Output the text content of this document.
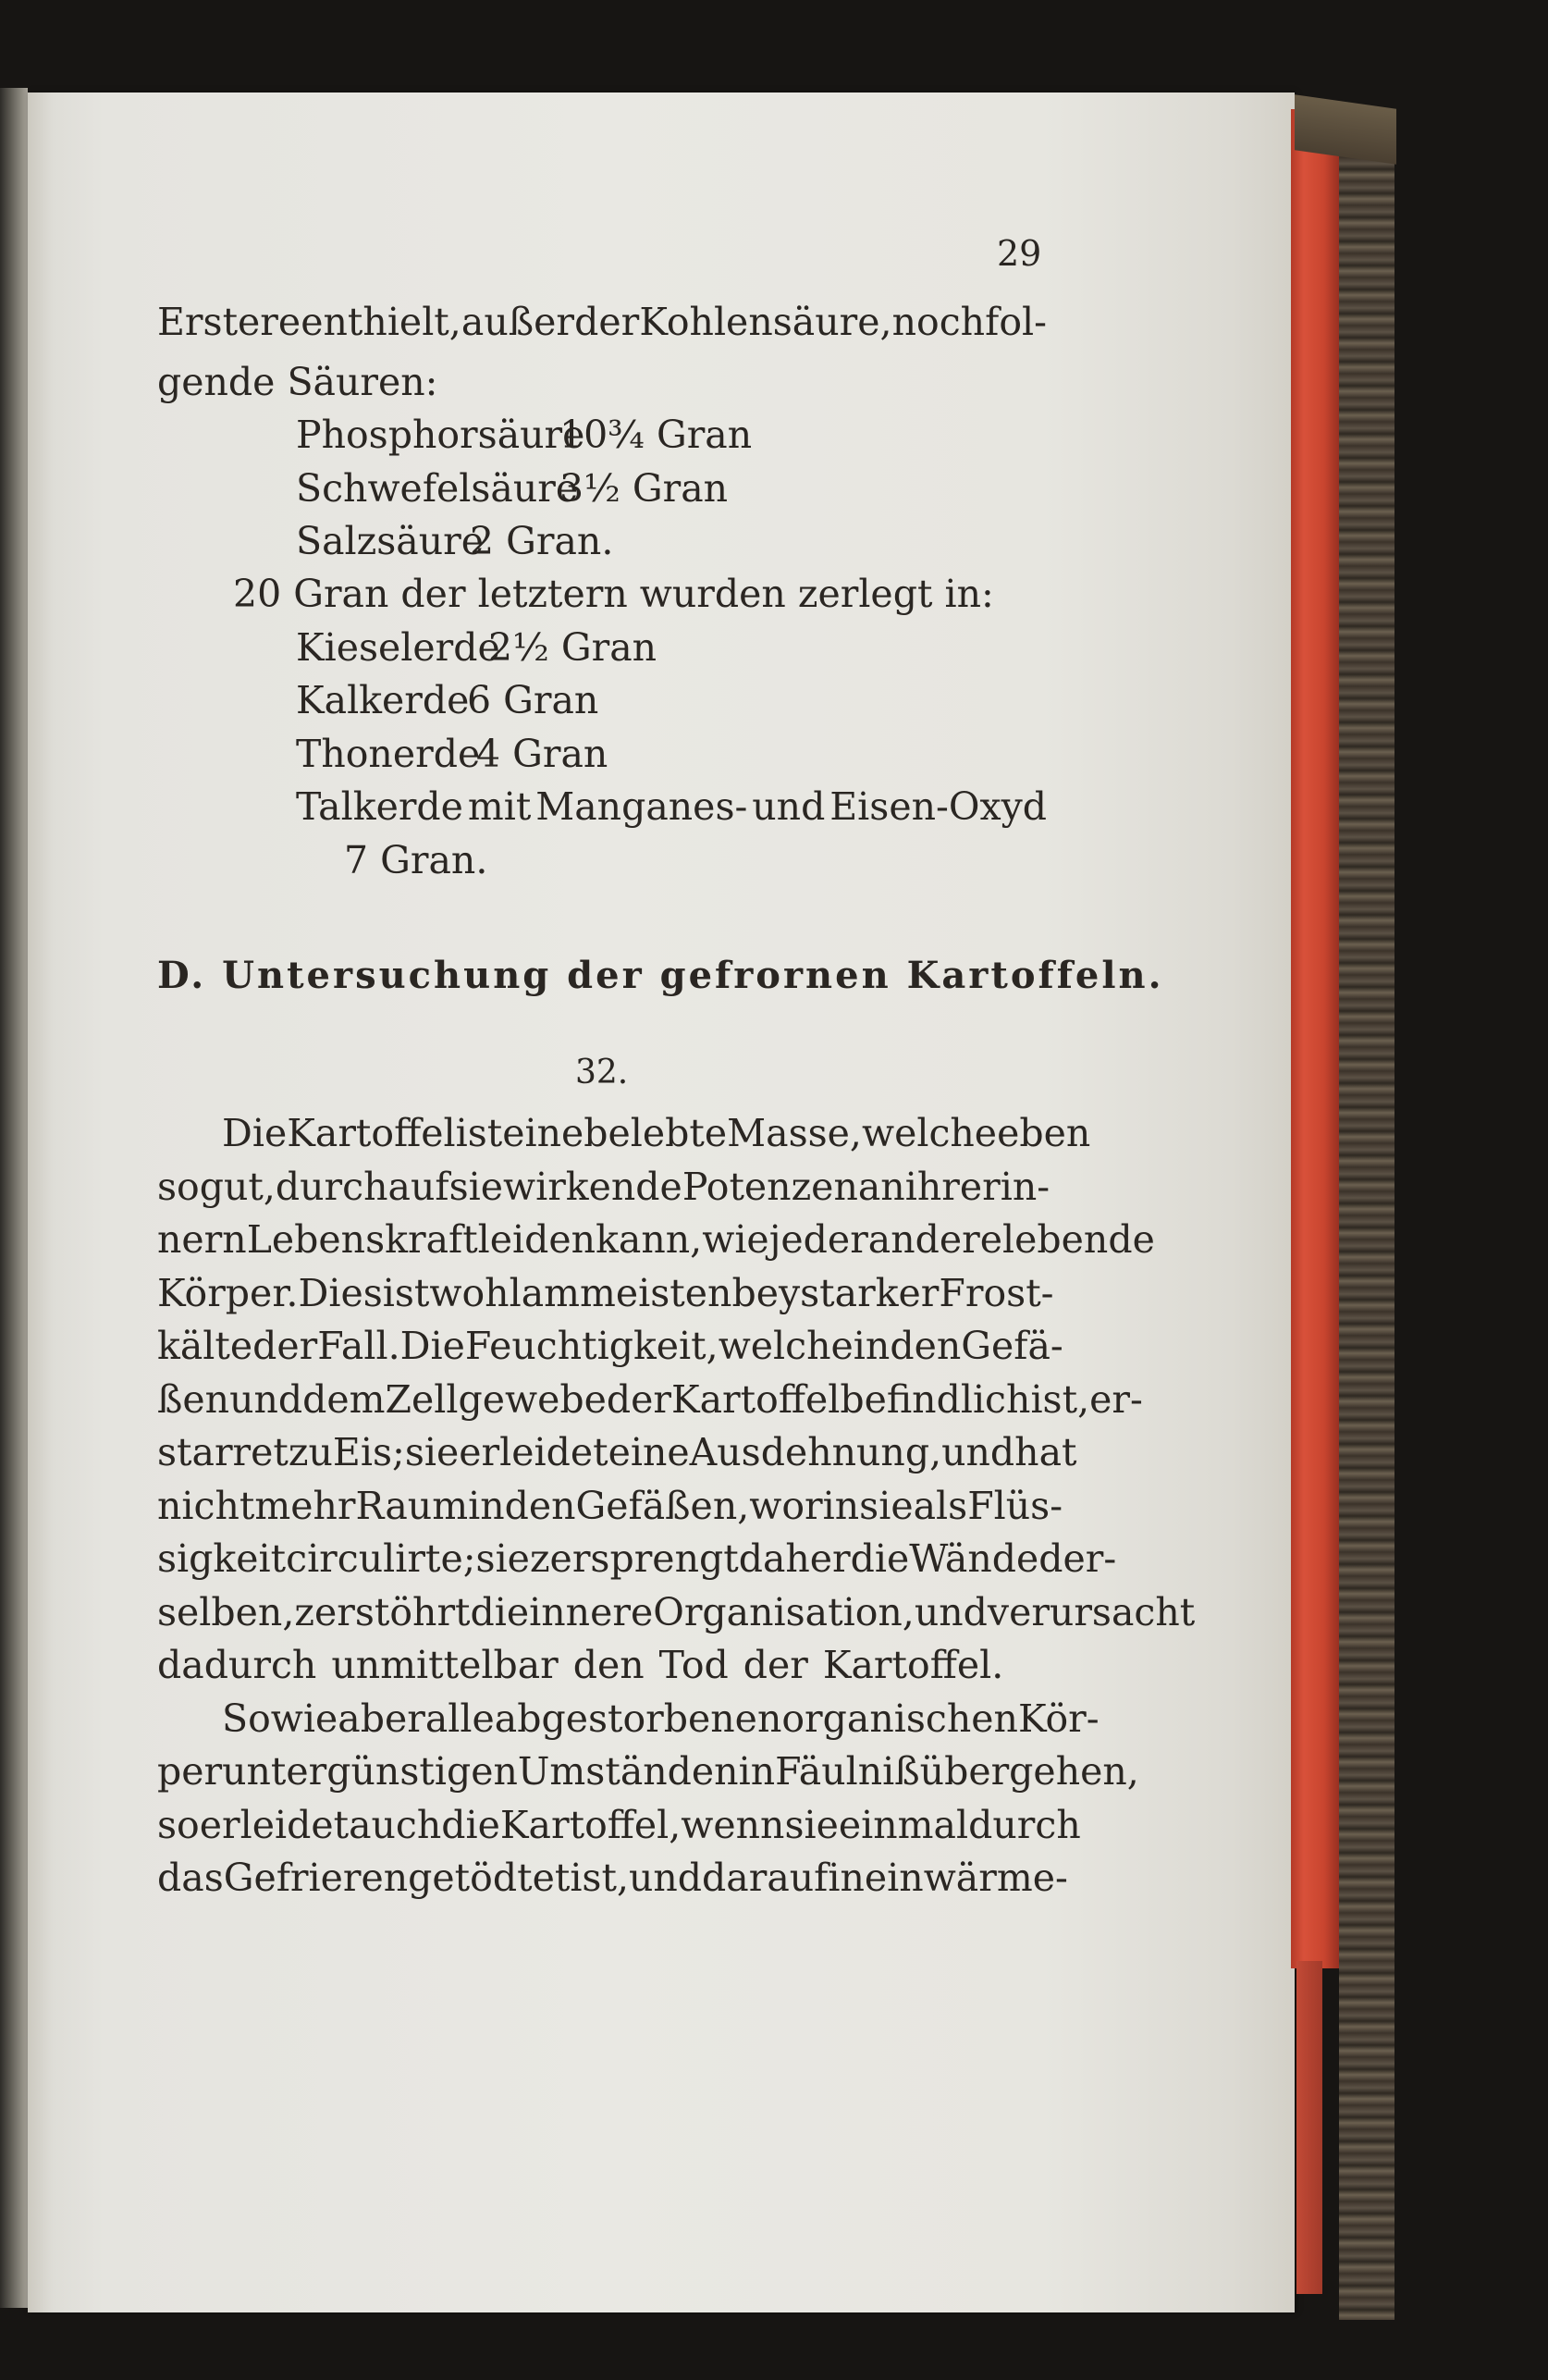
29
Erstere enthielt, außer der Kohlensäure, noch fol-
gende Säuren:
Phosphorsäure
10¾ Gran
Schwefelsäure
3½ Gran
Salzsäure
2 Gran.
20 Gran der letztern wurden zerlegt in:
Kieselerde
2½ Gran
Kalkerde
6 Gran
Thonerde
4 Gran
Talkerde mit Manganes- und Eisen-Oxyd
7 Gran.
D. Untersuchung der gefrornen Kartoffeln.
32.
Die Kartoffel ist eine belebte Masse, welche eben
so gut, durch auf sie wirkende Potenzen an ihrer in-
nern Lebenskraft leiden kann, wie jeder andere lebende
Körper. Dies ist wohl am meisten bey starker Frost-
kälte der Fall. Die Feuchtigkeit, welche in den Gefä-
ßen und dem Zellgewebe der Kartoffel befindlich ist, er-
starret zu Eis; sie erleidet eine Ausdehnung, und hat
nicht mehr Raum in den Gefäßen, worin sie als Flüs-
sigkeit circulirte; sie zersprengt daher die Wände der-
selben, zerstöhrt die innere Organisation, und verursacht
dadurch unmittelbar den Tod der Kartoffel.
So wie aber alle abgestorbenen organischen Kör-
per unter günstigen Umständen in Fäulniß übergehen,
so erleidet auch die Kartoffel, wenn sie einmal durch
das Gefrieren getödtet ist, und darauf in ein wärme-
